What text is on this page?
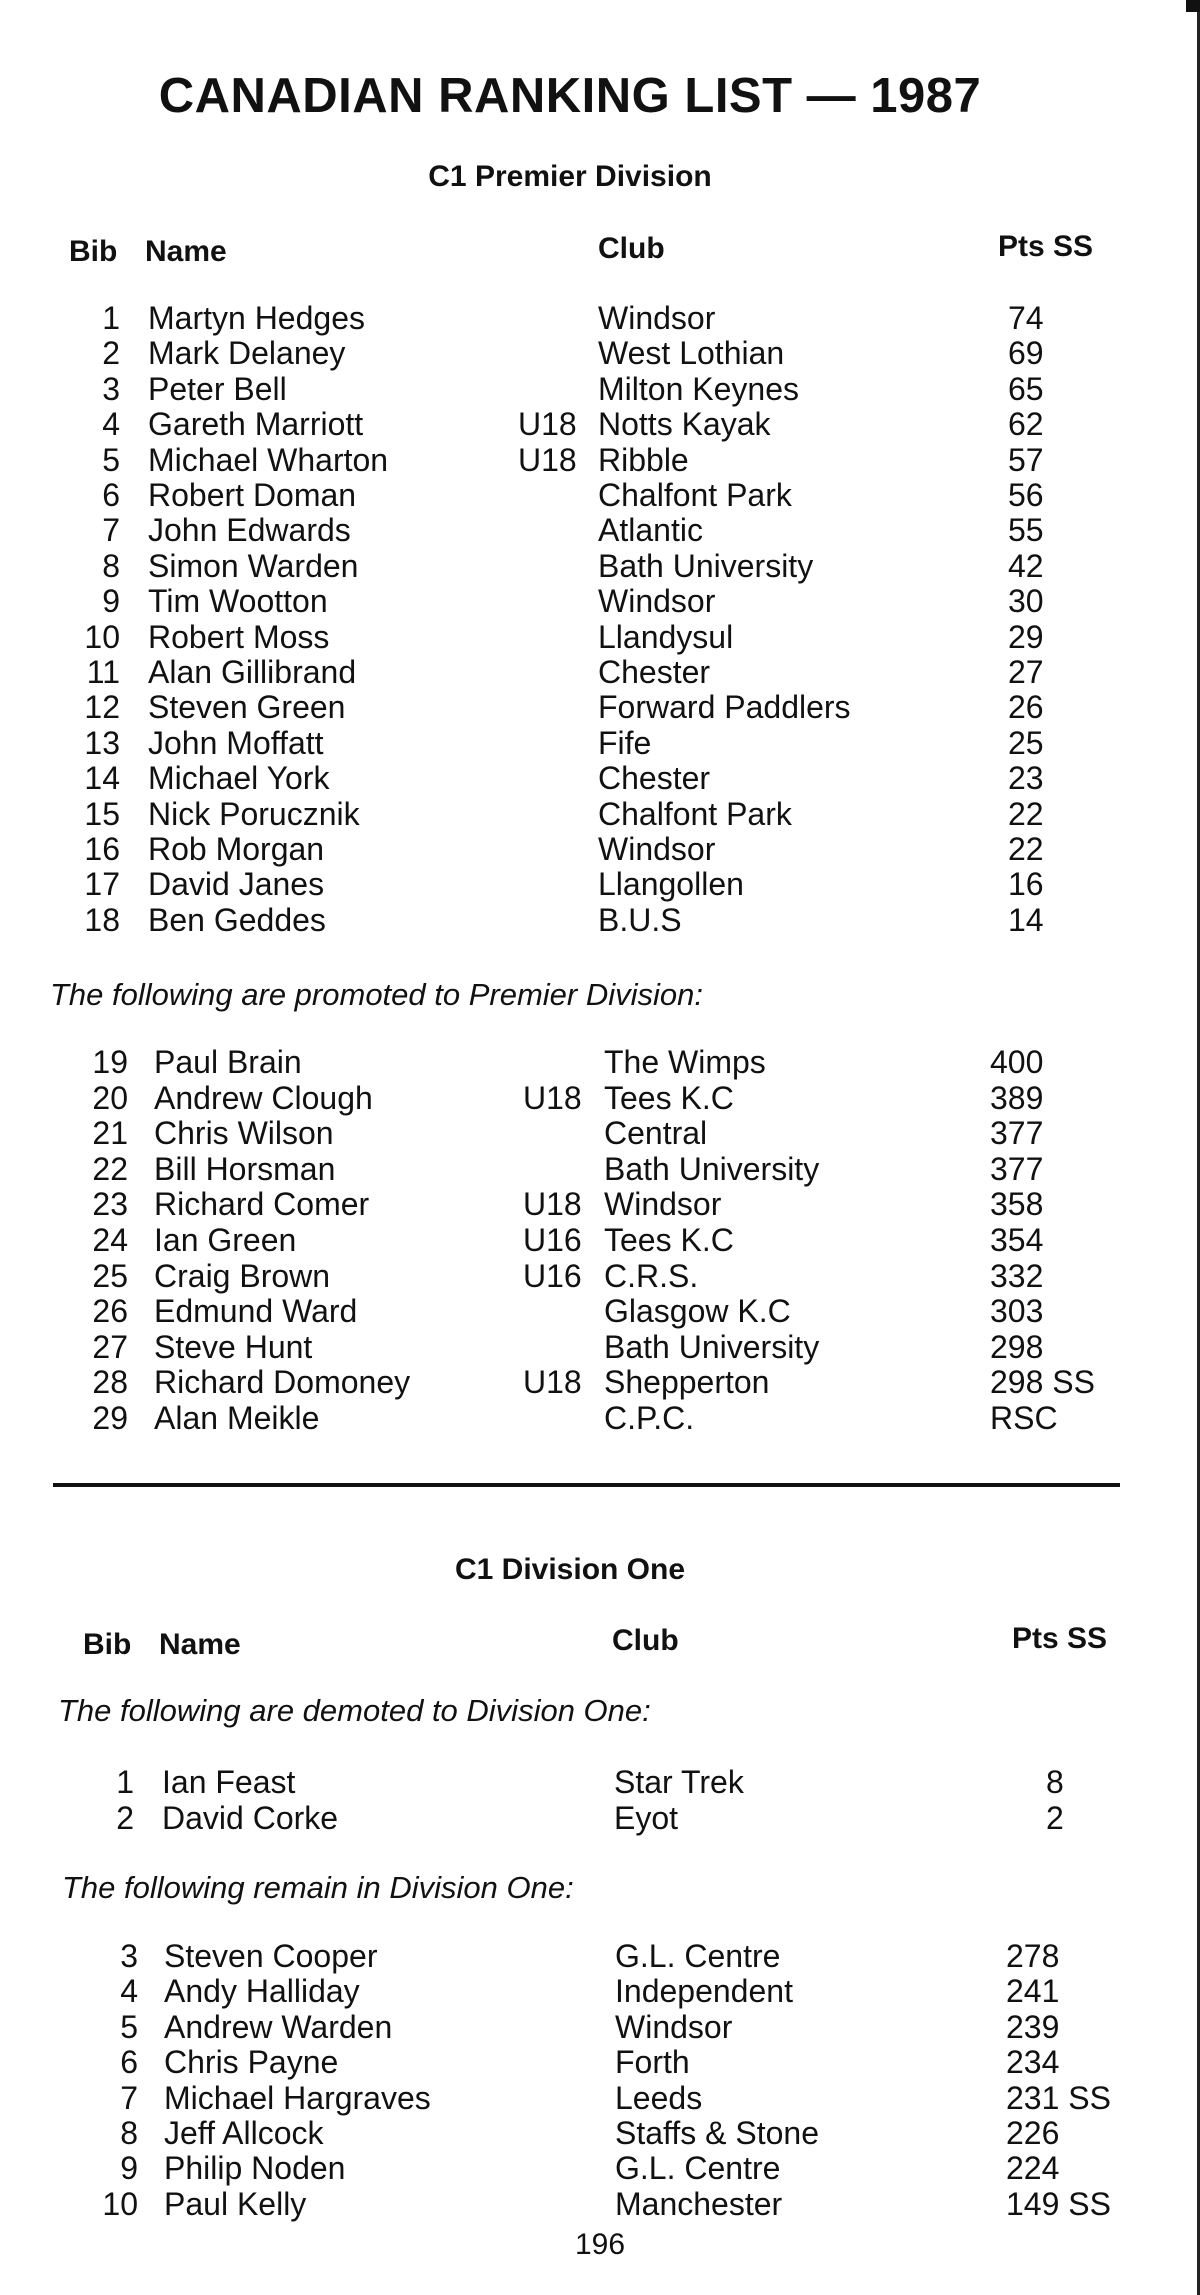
CANADIAN RANKING LIST — 1987
C1 Premier Division
Bib Name	Club	Pts SS
1 Martyn Hedges	Windsor	74
2 Mark Delaney	West Lothian	69
3 Peter Bell	Milton Keynes	65
4 Gareth Marriott	U18 Notts Kayak	62
5 Michael Wharton	U18 Ribble	57
6 Robert Doman	Chalfont Park	56
7 John Edwards	Atlantic	55
8 Simon Warden	Bath University	42
9 Tim Wootton	Windsor	30
10 Robert Moss	Llandysul	29
11 Alan Gillibrand	Chester	27
12 Steven Green	Forward Paddlers	26
13 John Moffatt	Fife	25
14 Michael York	Chester	23
15 Nick Porucznik	Chalfont Park	22
16 Rob Morgan	Windsor	22
17 David Janes	Llangollen	16
18 Ben Geddes	B.U.S	14
The following are promoted to Premier Division:
19 Paul Brain	The Wimps	400
20 Andrew Clough	U18 Tees K.C	389
21 Chris Wilson	Central	377
22 Bill Horsman	Bath University	377
23 Richard Comer	U18 Windsor	358
24 Ian Green	U16 Tees K.C	354
25 Craig Brown	U16 C.R.S.	332
26 Edmund Ward	Glasgow K.C	303
27 Steve Hunt	Bath University	298
28 Richard Domoney	U18 Shepperton	298 SS
29 Alan Meikle	C.P.C.	RSC
C1 Division One
Bib Name	Club	Pts SS
The following are demoted to Division One:
1 Ian Feast	Star Trek	8
2 David Corke	Eyot	2
The following remain in Division One:
3 Steven Cooper	G.L. Centre	278
4 Andy Halliday	Independent	241
5 Andrew Warden	Windsor	239
6 Chris Payne	Forth	234
7 Michael Hargraves	Leeds	231 SS
8 Jeff Allcock	Staffs & Stone	226
9 Philip Noden	G.L. Centre	224
10 Paul Kelly	Manchester	149 SS
196
